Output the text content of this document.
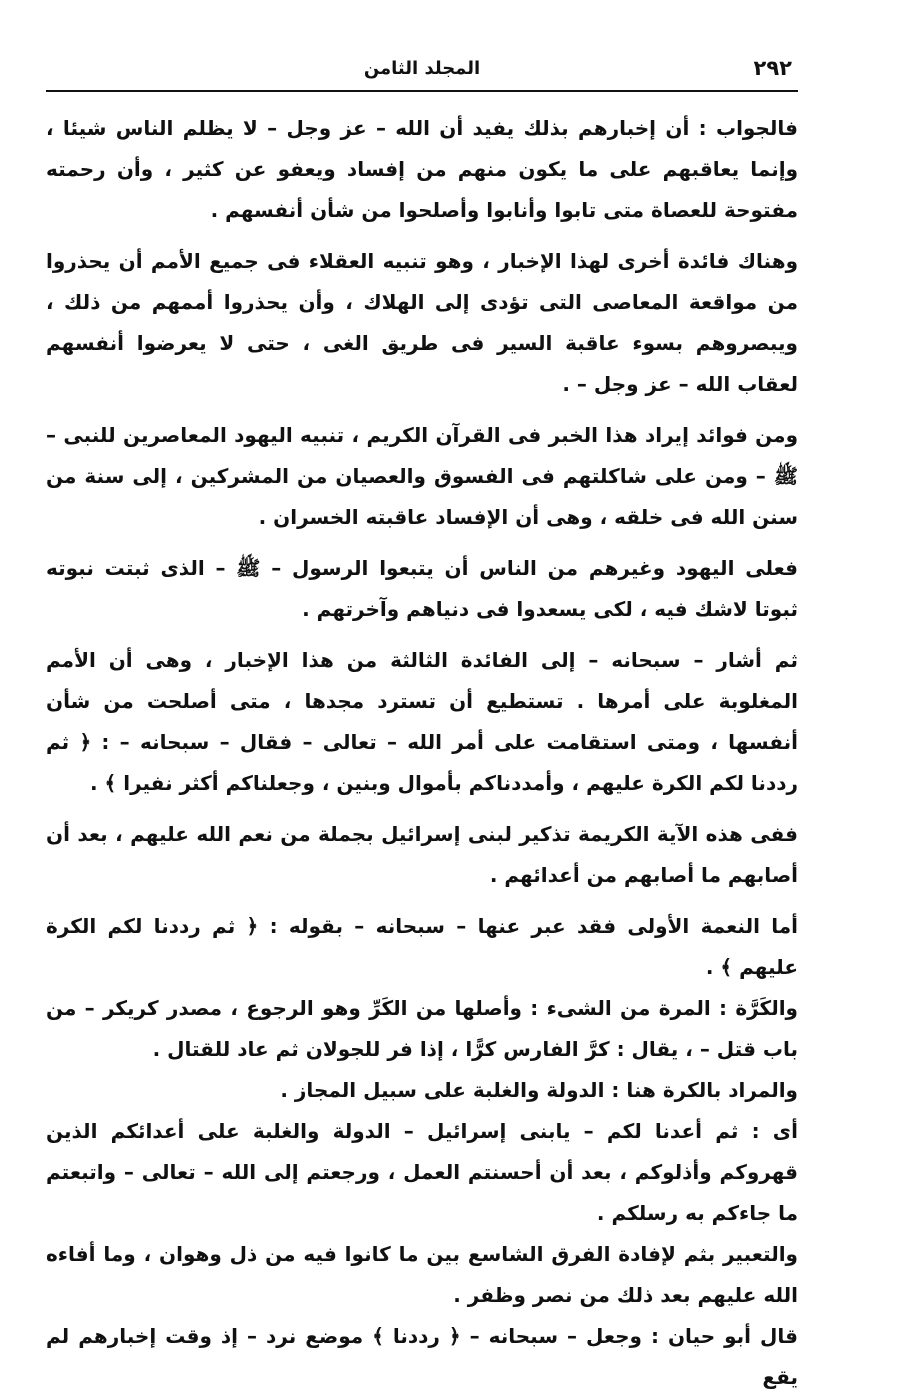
٢٩٢
المجلد الثامن

فالجواب : أن إخبارهم بذلك يفيد أن الله – عز وجل – لا يظلم الناس شيئا ، وإنما يعاقبهم على ما يكون منهم من إفساد ويعفو عن كثير ، وأن رحمته مفتوحة للعصاة متى تابوا وأنابوا وأصلحوا من شأن أنفسهم .

وهناك فائدة أخرى لهذا الإخبار ، وهو تنبيه العقلاء فى جميع الأمم أن يحذروا من مواقعة المعاصى التى تؤدى إلى الهلاك ، وأن يحذروا أممهم من ذلك ، ويبصروهم بسوء عاقبة السير فى طريق الغى ، حتى لا يعرضوا أنفسهم لعقاب الله – عز وجل – .

ومن فوائد إيراد هذا الخبر فى القرآن الكريم ، تنبيه اليهود المعاصرين للنبى – ﷺ – ومن على شاكلتهم فى الفسوق والعصيان من المشركين ، إلى سنة من سنن الله فى خلقه ، وهى أن الإفساد عاقبته الخسران .

فعلى اليهود وغيرهم من الناس أن يتبعوا الرسول – ﷺ – الذى ثبتت نبوته ثبوتا لاشك فيه ، لكى يسعدوا فى دنياهم وآخرتهم .

ثم أشار – سبحانه – إلى الفائدة الثالثة من هذا الإخبار ، وهى أن الأمم المغلوبة على أمرها . تستطيع أن تسترد مجدها ، متى أصلحت من شأن أنفسها ، ومتى استقامت على أمر الله – تعالى – فقال – سبحانه – : ﴿ ثم رددنا لكم الكرة عليهم ، وأمددناكم بأموال وبنين ، وجعلناكم أكثر نفيرا ﴾ .

ففى هذه الآية الكريمة تذكير لبنى إسرائيل بجملة من نعم الله عليهم ، بعد أن أصابهم ما أصابهم من أعدائهم .

أما النعمة الأولى فقد عبر عنها – سبحانه – بقوله : ﴿ ثم رددنا لكم الكرة عليهم ﴾ .

والكَرَّة : المرة من الشىء : وأصلها من الكَرِّ وهو الرجوع ، مصدر كريكر – من باب قتل – ، يقال : كرَّ الفارس كرًّا ، إذا فر للجولان ثم عاد للقتال .

والمراد بالكرة هنا : الدولة والغلبة على سبيل المجاز .

أى : ثم أعدنا لكم – يابنى إسرائيل – الدولة والغلبة على أعدائكم الذين قهروكم وأذلوكم ، بعد أن أحسنتم العمل ، ورجعتم إلى الله – تعالى – واتبعتم ما جاءكم به رسلكم .

والتعبير بثم لإفادة الفرق الشاسع بين ما كانوا فيه من ذل وهوان ، وما أفاءه الله عليهم بعد ذلك من نصر وظفر .

قال أبو حيان : وجعل – سبحانه – ﴿ رددنا ﴾ موضع نرد – إذ وقت إخبارهم لم يقع
